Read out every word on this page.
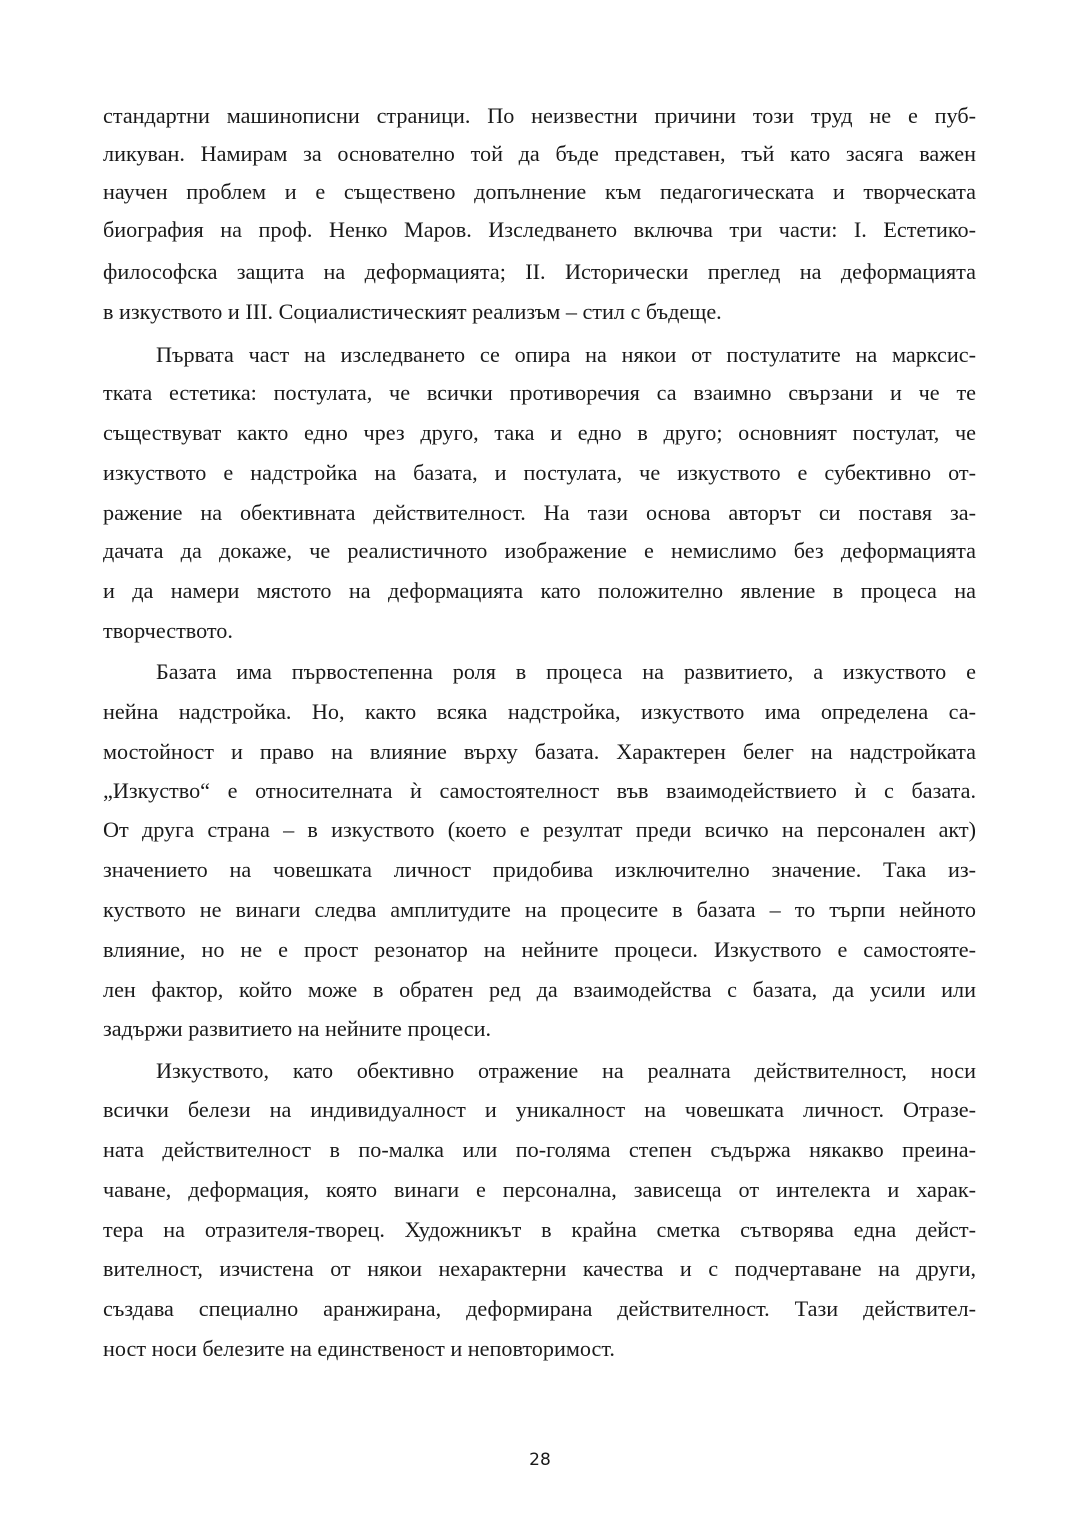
стандартни машинописни страници. По неизвестни причини този труд не е пуб-
ликуван. Намирам за основателно той да бъде представен, тъй като засяга важен
научен проблем и е съществено допълнение към педагогическата и творческата
биография на проф. Ненко Маров. Изследването включва три части: I. Естетико-
философска защита на деформацията; II. Исторически преглед на деформацията
в изкуството и III. Социалистическият реализъм – стил с бъдеще.
Първата част на изследването се опира на някои от постулатите на марксис-
тката естетика: постулата, че всички противоречия са взаимно свързани и че те
съществуват както едно чрез друго, така и едно в друго; основният постулат, че
изкуството е надстройка на базата, и постулата, че изкуството е субективно от-
ражение на обективната действителност. На тази основа авторът си поставя за-
дачата да докаже, че реалистичното изображение е немислимо без деформацията
и да намери мястото на деформацията като положително явление в процеса на
творчеството.
Базата има първостепенна роля в процеса на развитието, а изкуството е
нейна надстройка. Но, както всяка надстройка, изкуството има определена са-
мостойност и право на влияние върху базата. Характерен белег на надстройката
„Изкуство“ е относителната ѝ самостоятелност във взаимодействието ѝ с базата.
От друга страна – в изкуството (което е резултат преди всичко на персонален акт)
значението на човешката личност придобива изключително значение. Така из-
куството не винаги следва амплитудите на процесите в базата – то търпи нейното
влияние, но не е прост резонатор на нейните процеси. Изкуството е самостояте-
лен фактор, който може в обратен ред да взаимодейства с базата, да усили или
задържи развитието на нейните процеси.
Изкуството, като обективно отражение на реалната действителност, носи
всички белези на индивидуалност и уникалност на човешката личност. Отразе-
ната действителност в по-малка или по-голяма степен съдържа някакво преина-
чаване, деформация, която винаги е персонална, зависеща от интелекта и харак-
тера на отразителя-творец. Художникът в крайна сметка сътворява една дейст-
вителност, изчистена от някои нехарактерни качества и с подчертаване на други,
създава специално аранжирана, деформирана действителност. Тази действител-
ност носи белезите на единственост и неповторимост.
28
